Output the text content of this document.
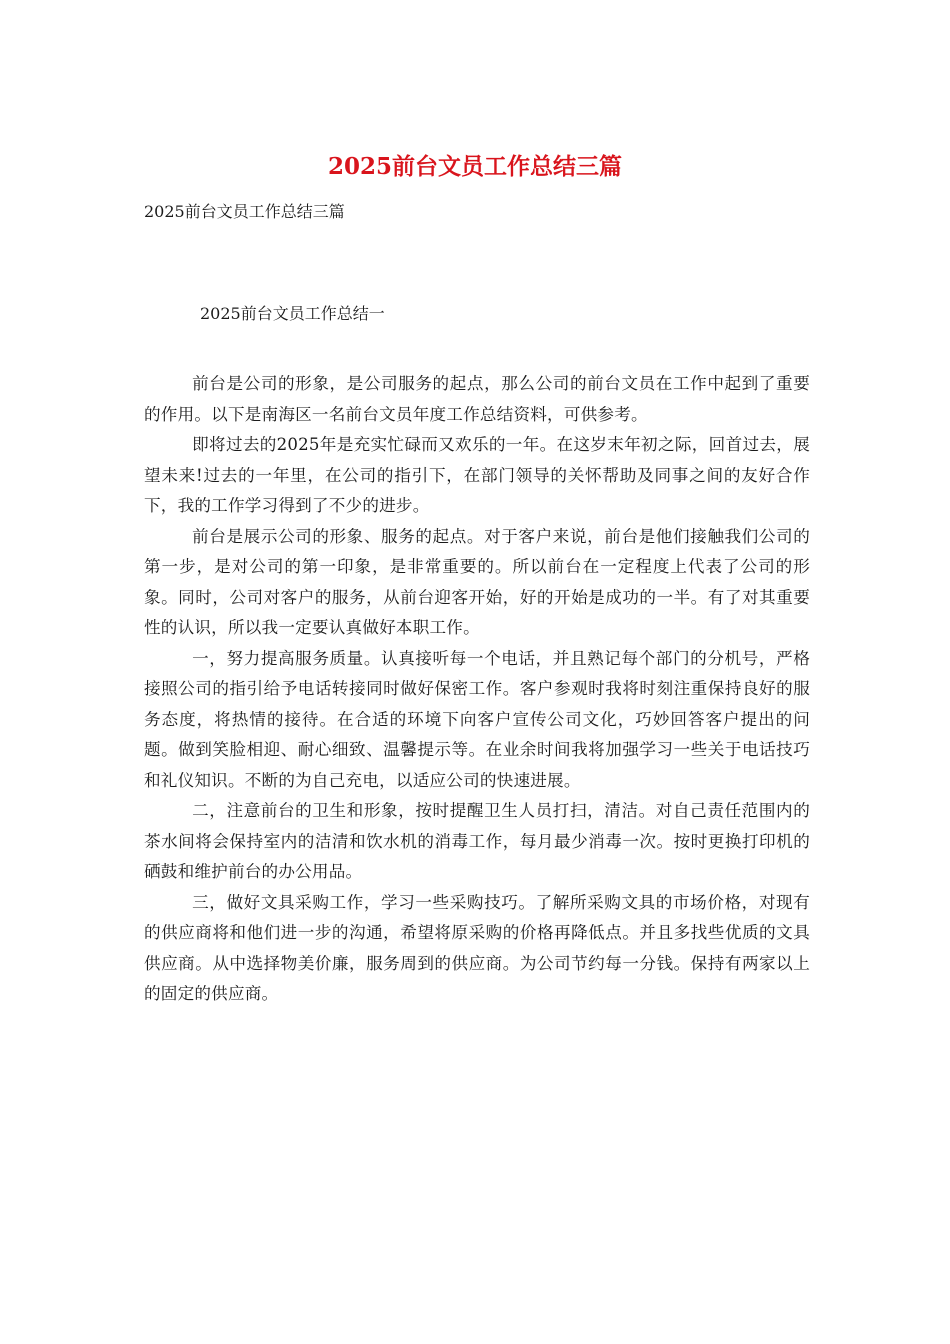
2025前台文员工作总结三篇

2025前台文员工作总结三篇

2025前台文员工作总结一

前台是公司的形象，是公司服务的起点，那么公司的前台文员在工作中起到了重要的作用。以下是南海区一名前台文员年度工作总结资料，可供参考。

即将过去的2025年是充实忙碌而又欢乐的一年。在这岁末年初之际，回首过去，展望未来!过去的一年里，在公司的指引下，在部门领导的关怀帮助及同事之间的友好合作下，我的工作学习得到了不少的进步。

前台是展示公司的形象、服务的起点。对于客户来说，前台是他们接触我们公司的第一步，是对公司的第一印象，是非常重要的。所以前台在一定程度上代表了公司的形象。同时，公司对客户的服务，从前台迎客开始，好的开始是成功的一半。有了对其重要性的认识，所以我一定要认真做好本职工作。

一，努力提高服务质量。认真接听每一个电话，并且熟记每个部门的分机号，严格接照公司的指引给予电话转接同时做好保密工作。客户参观时我将时刻注重保持良好的服务态度，将热情的接待。在合适的环境下向客户宣传公司文化，巧妙回答客户提出的问题。做到笑脸相迎、耐心细致、温馨提示等。在业余时间我将加强学习一些关于电话技巧和礼仪知识。不断的为自己充电，以适应公司的快速进展。

二，注意前台的卫生和形象，按时提醒卫生人员打扫，清洁。对自己责任范围内的茶水间将会保持室内的洁清和饮水机的消毒工作，每月最少消毒一次。按时更换打印机的硒鼓和维护前台的办公用品。

三，做好文具采购工作，学习一些采购技巧。了解所采购文具的市场价格，对现有的供应商将和他们进一步的沟通，希望将原采购的价格再降低点。并且多找些优质的文具供应商。从中选择物美价廉，服务周到的供应商。为公司节约每一分钱。保持有两家以上的固定的供应商。
